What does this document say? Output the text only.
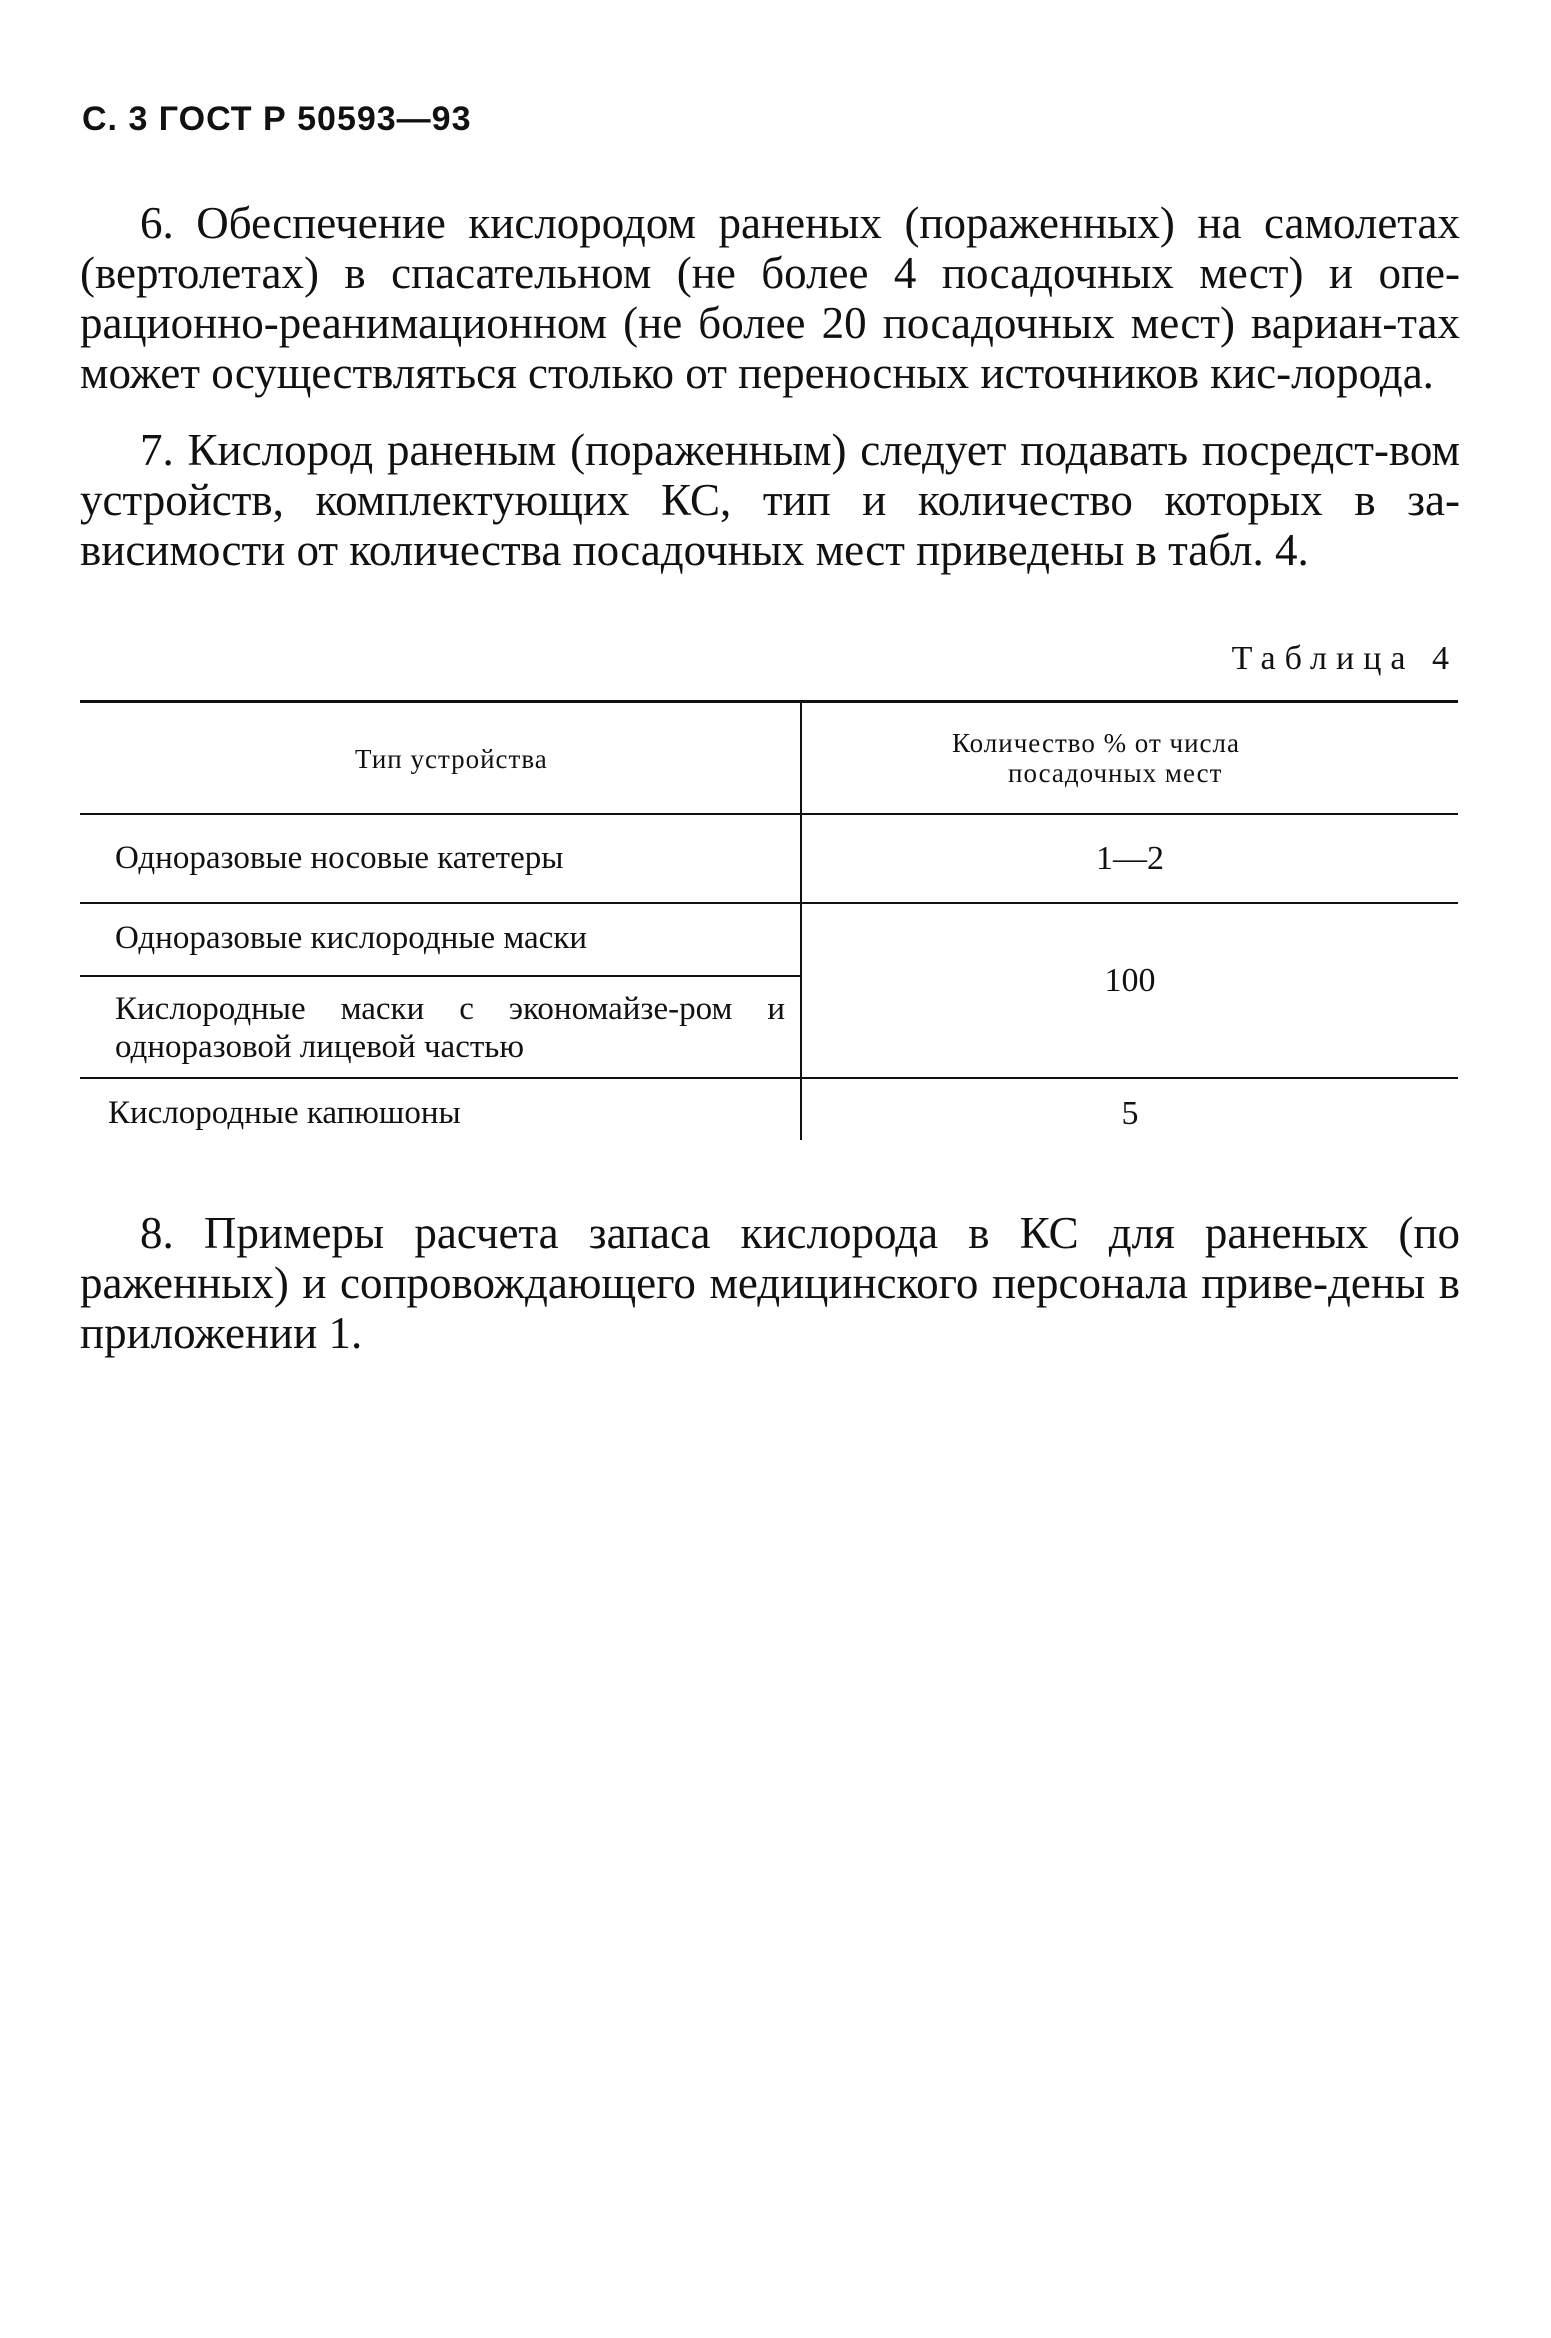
С. 3 ГОСТ Р 50593—93
6. Обеспечение кислородом раненых (пораженных) на самолетах (вертолетах) в спасательном (не более 4 посадочных мест) и опе-рационно-реанимационном (не более 20 посадочных мест) вариан-тах может осуществляться столько от переносных источников кис-лорода.
7. Кислород раненым (пораженным) следует подавать посредст-вом устройств, комплектующих КС, тип и количество которых в за-висимости от количества посадочных мест приведены в табл. 4.
Таблица 4
Тип устройства
Количество % от числа
посадочных мест
Одноразовые носовые катетеры	1—2
Одноразовые кислородные маски
100
Кислородные маски с экономайзе-ром и одноразовой лицевой частью
Кислородные капюшоны	5
8. Примеры расчета запаса кислорода в КС для раненых (по раженных) и сопровождающего медицинского персонала приве-дены в приложении 1.
